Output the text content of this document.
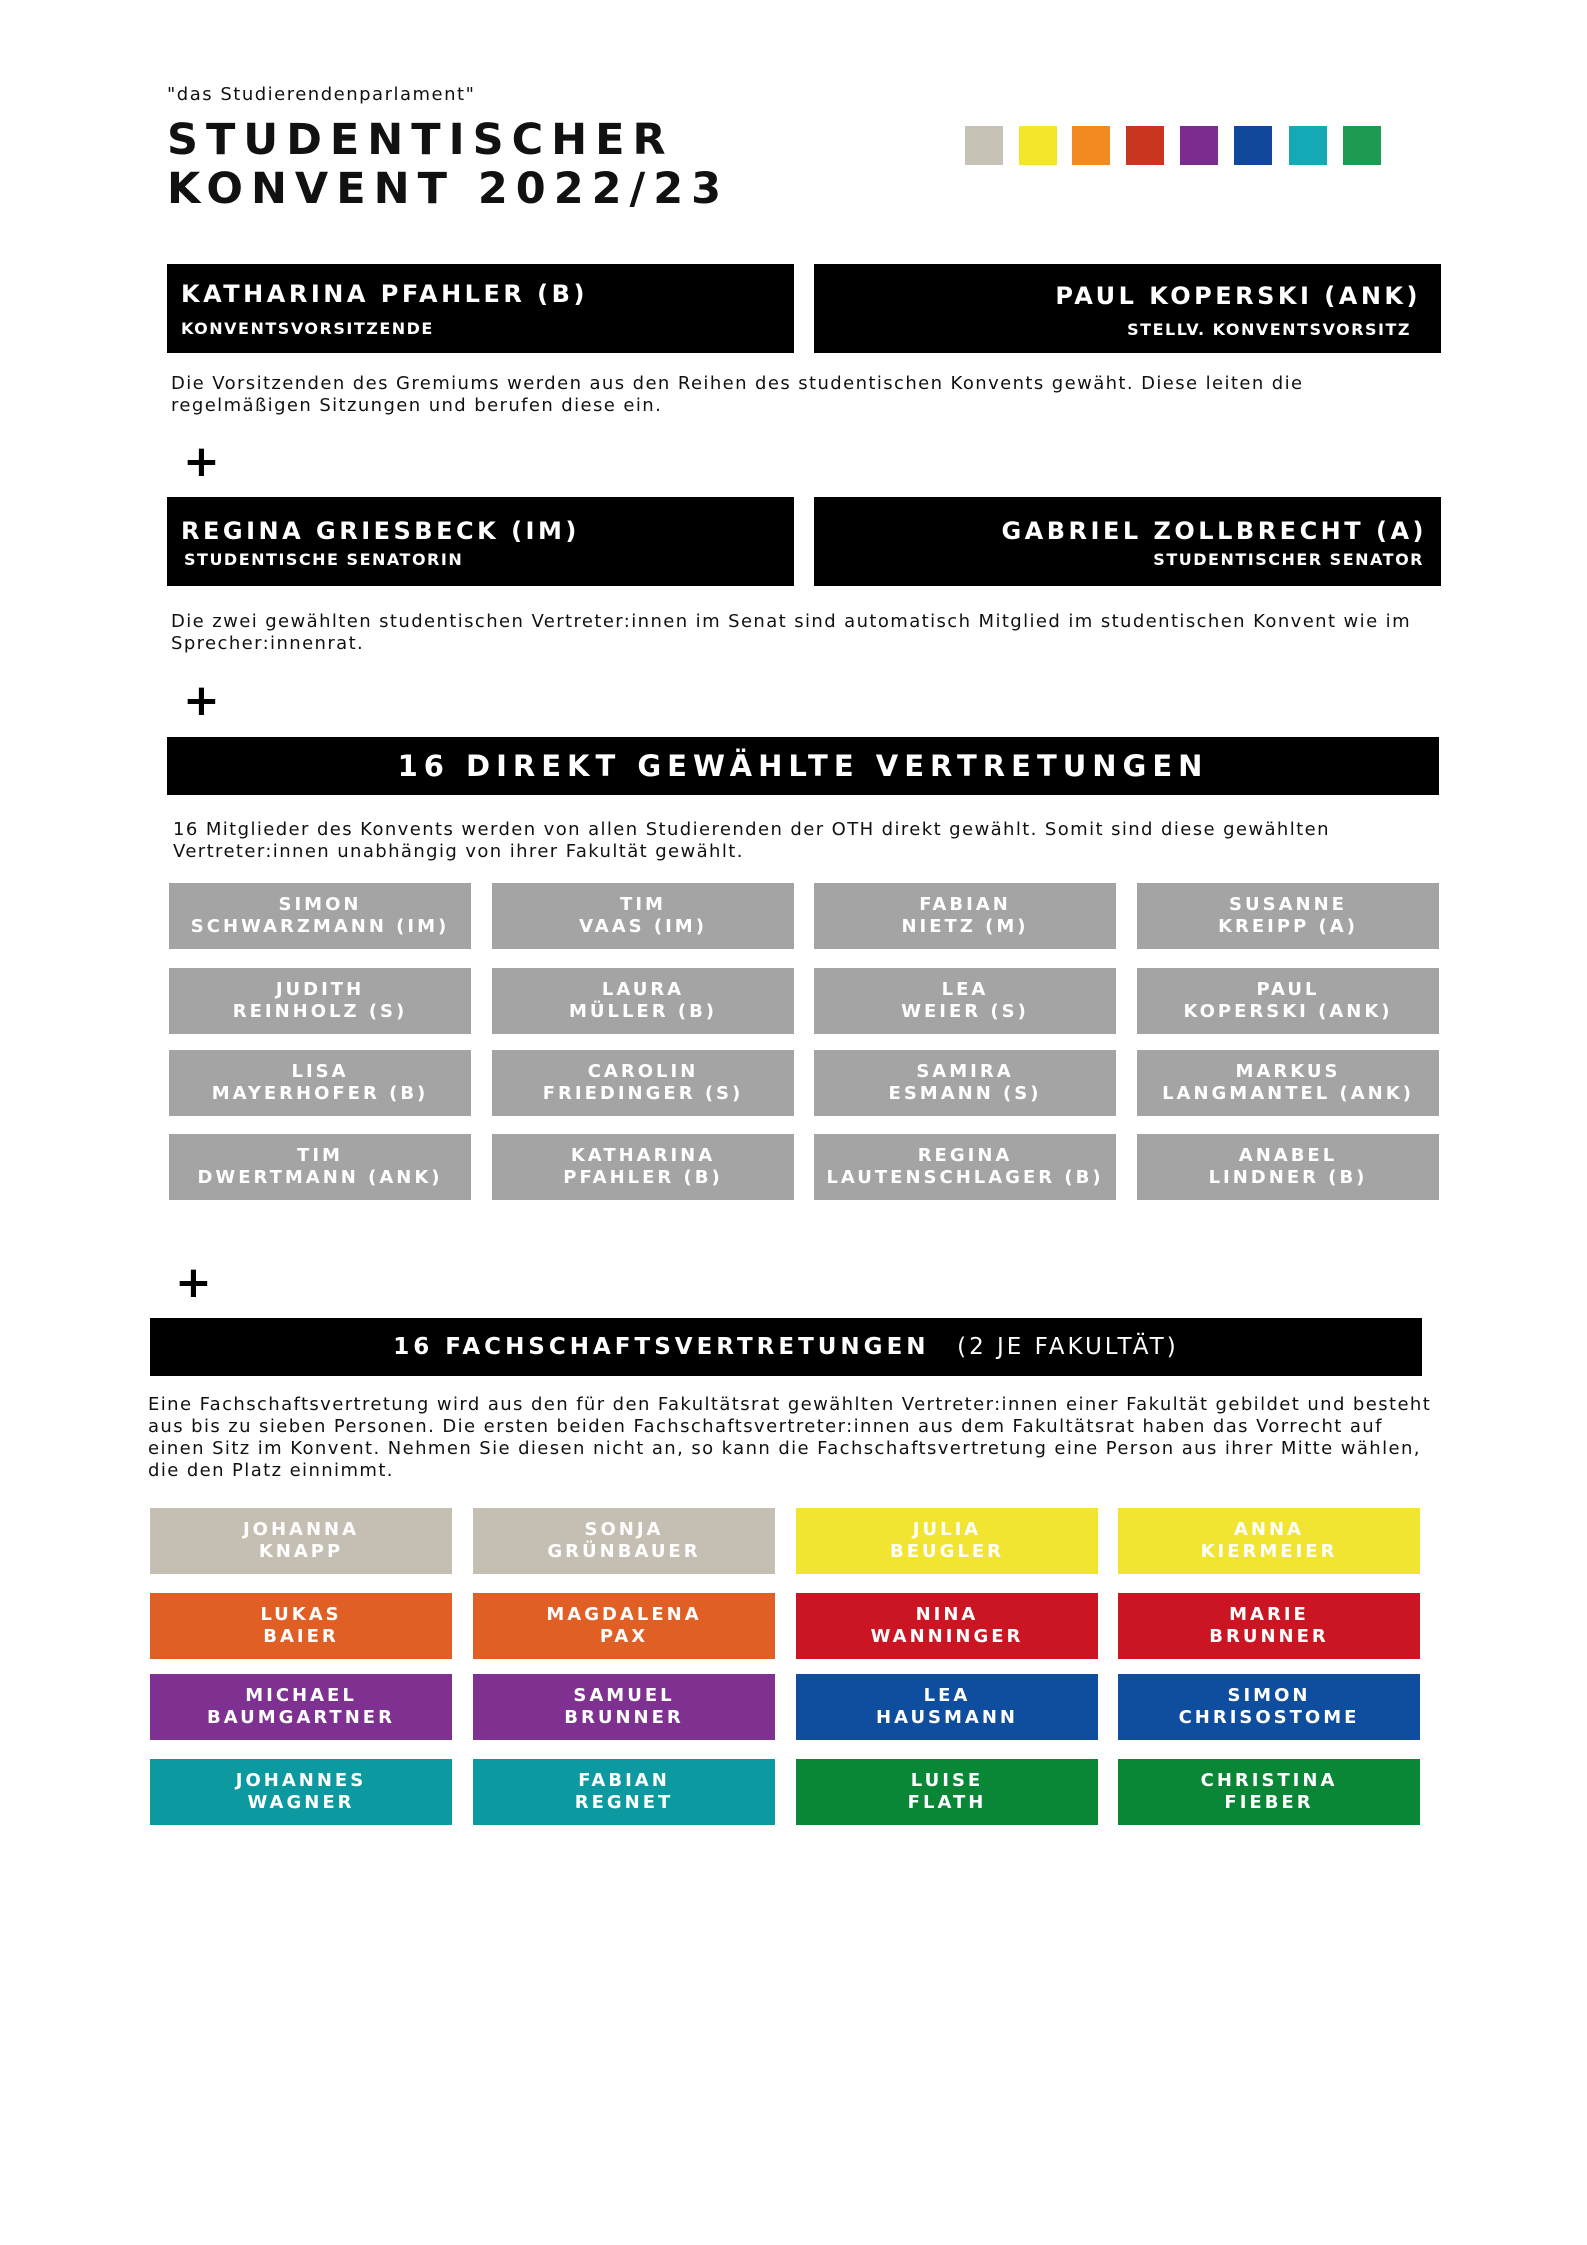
"das Studierendenparlament"
STUDENTISCHER KONVENT 2022/23
KATHARINA PFAHLER (B)
KONVENTSVORSITZENDE
PAUL KOPERSKI (ANK)
STELLV. KONVENTSVORSITZ
Die Vorsitzenden des Gremiums werden aus den Reihen des studentischen Konvents gewäht. Diese leiten die regelmäßigen Sitzungen und berufen diese ein.
+
REGINA GRIESBECK (IM)
STUDENTISCHE SENATORIN
GABRIEL ZOLLBRECHT (A)
STUDENTISCHER SENATOR
Die zwei gewählten studentischen Vertreter:innen im Senat sind automatisch Mitglied im studentischen Konvent wie im Sprecher:innenrat.
+
16 DIREKT GEWÄHLTE VERTRETUNGEN
16 Mitglieder des Konvents werden von allen Studierenden der OTH direkt gewählt. Somit sind diese gewählten Vertreter:innen unabhängig von ihrer Fakultät gewählt.
SIMON
SCHWARZMANN (IM)
TIM
VAAS (IM)
FABIAN
NIETZ (M)
SUSANNE
KREIPP (A)
JUDITH
REINHOLZ (S)
LAURA
MÜLLER (B)
LEA
WEIER (S)
PAUL
KOPERSKI (ANK)
LISA
MAYERHOFER (B)
CAROLIN
FRIEDINGER (S)
SAMIRA
ESMANN (S)
MARKUS
LANGMANTEL (ANK)
TIM
DWERTMANN (ANK)
KATHARINA
PFAHLER (B)
REGINA
LAUTENSCHLAGER (B)
ANABEL
LINDNER (B)
+
16 FACHSCHAFTSVERTRETUNGEN (2 JE FAKULTÄT)
Eine Fachschaftsvertretung wird aus den für den Fakultätsrat gewählten Vertreter:innen einer Fakultät gebildet und besteht aus bis zu sieben Personen. Die ersten beiden Fachschaftsvertreter:innen aus dem Fakultätsrat haben das Vorrecht auf einen Sitz im Konvent. Nehmen Sie diesen nicht an, so kann die Fachschaftsvertretung eine Person aus ihrer Mitte wählen, die den Platz einnimmt.
JOHANNA
KNAPP
SONJA
GRÜNBAUER
JULIA
BEUGLER
ANNA
KIERMEIER
LUKAS
BAIER
MAGDALENA
PAX
NINA
WANNINGER
MARIE
BRUNNER
MICHAEL
BAUMGARTNER
SAMUEL
BRUNNER
LEA
HAUSMANN
SIMON
CHRISOSTOME
JOHANNES
WAGNER
FABIAN
REGNET
LUISE
FLATH
CHRISTINA
FIEBER
